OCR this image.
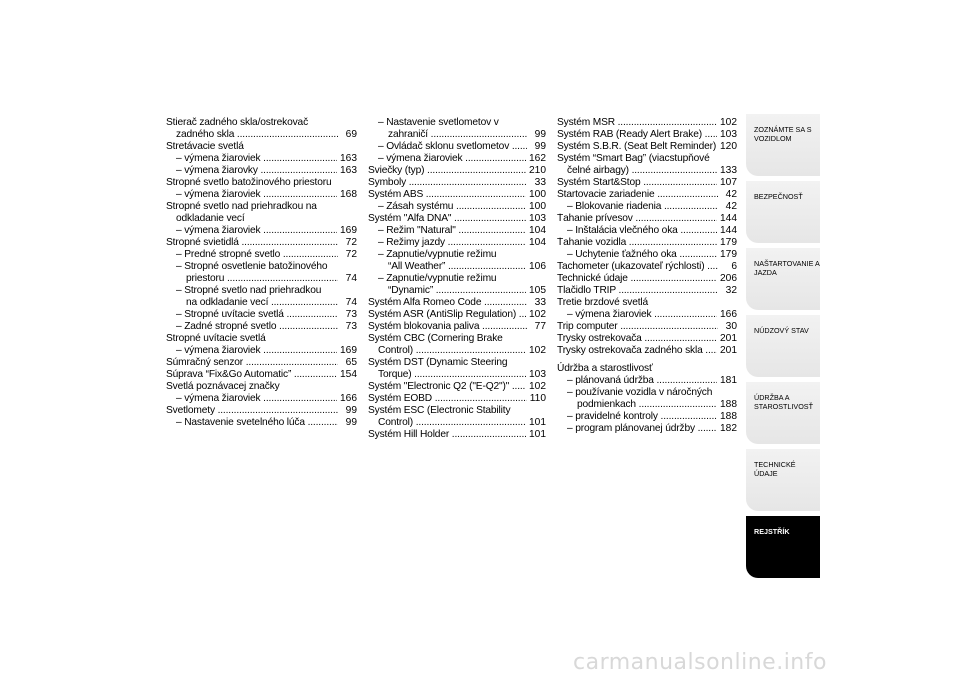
Stierač zadného skla/ostrekovač
zadného skla .....	69
Stretávacie svetlá
– výmena žiaroviek .....	163
– výmena žiarovky .....	163
Stropné svetlo batožinového priestoru
– výmena žiaroviek .....	168
Stropné svetlo nad priehradkou na
odkladanie vecí
– výmena žiaroviek .....	169
Stropné svietidlá .....	72
– Predné stropné svetlo .....	72
– Stropné osvetlenie batožinového
priestoru .....	74
– Stropné svetlo nad priehradkou
na odkladanie vecí .....	74
– Stropné uvítacie svetlá .....	73
– Zadné stropné svetlo .....	73
Stropné uvítacie svetlá
– výmena žiaroviek .....	169
Súmračný senzor .....	65
Súprava “Fix&Go Automatic” .....	154
Svetlá poznávacej značky
– výmena žiaroviek .....	166
Svetlomety .....	99
– Nastavenie svetelného lúča .....	99
– Nastavenie svetlometov v
zahraničí .....	99
– Ovládač sklonu svetlometov .....	99
– výmena žiaroviek .....	162
Sviečky (typ) .....	210
Symboly .....	33
Systém ABS .....	100
– Zásah systému .....	100
Systém "Alfa DNA" .....	103
– Režim "Natural" .....	104
– Režimy jazdy .....	104
– Zapnutie/vypnutie režimu
“All Weather” .....	106
– Zapnutie/vypnutie režimu
“Dynamic” .....	105
Systém Alfa Romeo Code .....	33
Systém ASR (AntiSlip Regulation) .....	102
Systém blokovania paliva .....	77
Systém CBC (Cornering Brake
Control) .....	102
Systém DST (Dynamic Steering
Torque) .....	103
Systém "Electronic Q2 ("E-Q2")" .....	102
Systém EOBD .....	110
Systém ESC (Electronic Stability
Control) .....	101
Systém Hill Holder .....	101
Systém MSR .....	102
Systém RAB (Ready Alert Brake) .....	103
Systém S.B.R. (Seat Belt Reminder) ..... 120
Systém “Smart Bag” (viacstupňové
čelné airbagy) .....	133
Systém Start&Stop .....	107
Štartovacie zariadenie .....	42
– Blokovanie riadenia .....	42
Ťahanie prívesov .....	144
– Inštalácia vlečného oka .....	144
Ťahanie vozidla .....	179
– Uchytenie ťažného oka .....	179
Tachometer (ukazovateľ rýchlosti) .....	6
Technické údaje .....	206
Tlačidlo TRIP .....	32
Tretie brzdové svetlá
– výmena žiaroviek .....	166
Trip computer .....	30
Trysky ostrekovača .....	201
Trysky ostrekovača zadného skla .....	201
Údržba a starostlivosť
– plánovaná údržba .....	181
– používanie vozidla v náročných
podmienkach .....	188
– pravidelné kontroly .....	188
– program plánovanej údržby .....	182
ZOZNÁMTE SA S VOZIDLOM
BEZPEČNOSŤ
NAŠTARTOVANIE A JAZDA
NÚDZOVÝ STAV
ÚDRŽBA A STAROSTLIVOSŤ
TECHNICKÉ ÚDAJE
REJSTŘÍK
273
carmanualsonline.info
